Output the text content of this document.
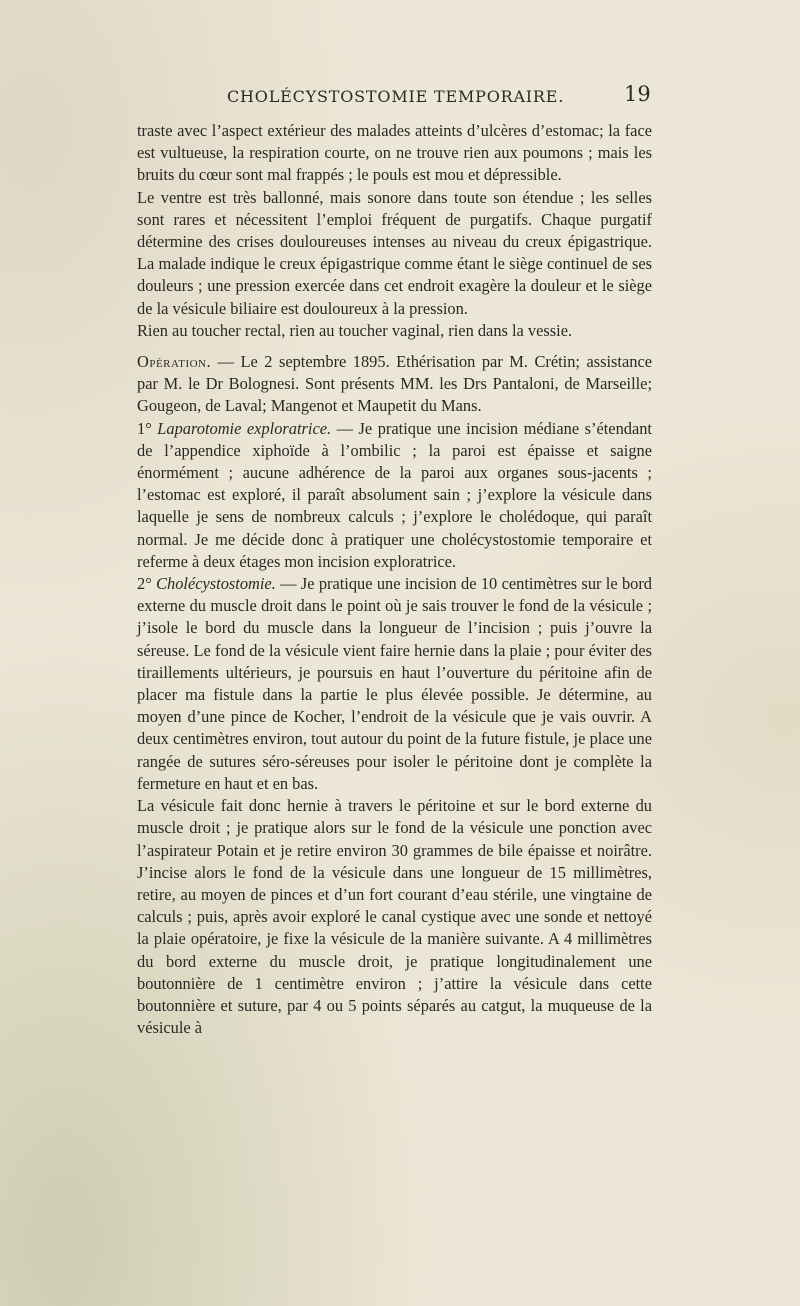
CHOLÉCYSTOSTOMIE TEMPORAIRE.	19

traste avec l’aspect extérieur des malades atteints d’ulcères d’estomac; la face est vultueuse, la respiration courte, on ne trouve rien aux poumons ; mais les bruits du cœur sont mal frappés ; le pouls est mou et dépressible.

Le ventre est très ballonné, mais sonore dans toute son étendue ; les selles sont rares et nécessitent l’emploi fréquent de purgatifs. Chaque purgatif détermine des crises douloureuses intenses au niveau du creux épigastrique. La malade indique le creux épigastrique comme étant le siège continuel de ses douleurs ; une pression exercée dans cet endroit exagère la douleur et le siège de la vésicule biliaire est douloureux à la pression.

Rien au toucher rectal, rien au toucher vaginal, rien dans la vessie.

Opération. — Le 2 septembre 1895. Ethérisation par M. Crétin; assistance par M. le Dr Bolognesi. Sont présents MM. les Drs Pantaloni, de Marseille; Gougeon, de Laval; Mangenot et Maupetit du Mans.

1° Laparotomie exploratrice. — Je pratique une incision médiane s’étendant de l’appendice xiphoïde à l’ombilic ; la paroi est épaisse et saigne énormément ; aucune adhérence de la paroi aux organes sous-jacents ; l’estomac est exploré, il paraît absolument sain ; j’explore la vésicule dans laquelle je sens de nombreux calculs ; j’explore le cholédoque, qui paraît normal. Je me décide donc à pratiquer une cholécystostomie temporaire et referme à deux étages mon incision exploratrice.

2° Cholécystostomie. — Je pratique une incision de 10 centimètres sur le bord externe du muscle droit dans le point où je sais trouver le fond de la vésicule ; j’isole le bord du muscle dans la longueur de l’incision ; puis j’ouvre la séreuse. Le fond de la vésicule vient faire hernie dans la plaie ; pour éviter des tiraillements ultérieurs, je poursuis en haut l’ouverture du péritoine afin de placer ma fistule dans la partie le plus élevée possible. Je détermine, au moyen d’une pince de Kocher, l’endroit de la vésicule que je vais ouvrir. A deux centimètres environ, tout autour du point de la future fistule, je place une rangée de sutures séro-séreuses pour isoler le péritoine dont je complète la fermeture en haut et en bas.

La vésicule fait donc hernie à travers le péritoine et sur le bord externe du muscle droit ; je pratique alors sur le fond de la vésicule une ponction avec l’aspirateur Potain et je retire environ 30 grammes de bile épaisse et noirâtre. J’incise alors le fond de la vésicule dans une longueur de 15 millimètres, retire, au moyen de pinces et d’un fort courant d’eau stérile, une vingtaine de calculs ; puis, après avoir exploré le canal cystique avec une sonde et nettoyé la plaie opératoire, je fixe la vésicule de la manière suivante. A 4 millimètres du bord externe du muscle droit, je pratique longitudinalement une boutonnière de 1 centimètre environ ; j’attire la vésicule dans cette boutonnière et suture, par 4 ou 5 points séparés au catgut, la muqueuse de la vésicule à
